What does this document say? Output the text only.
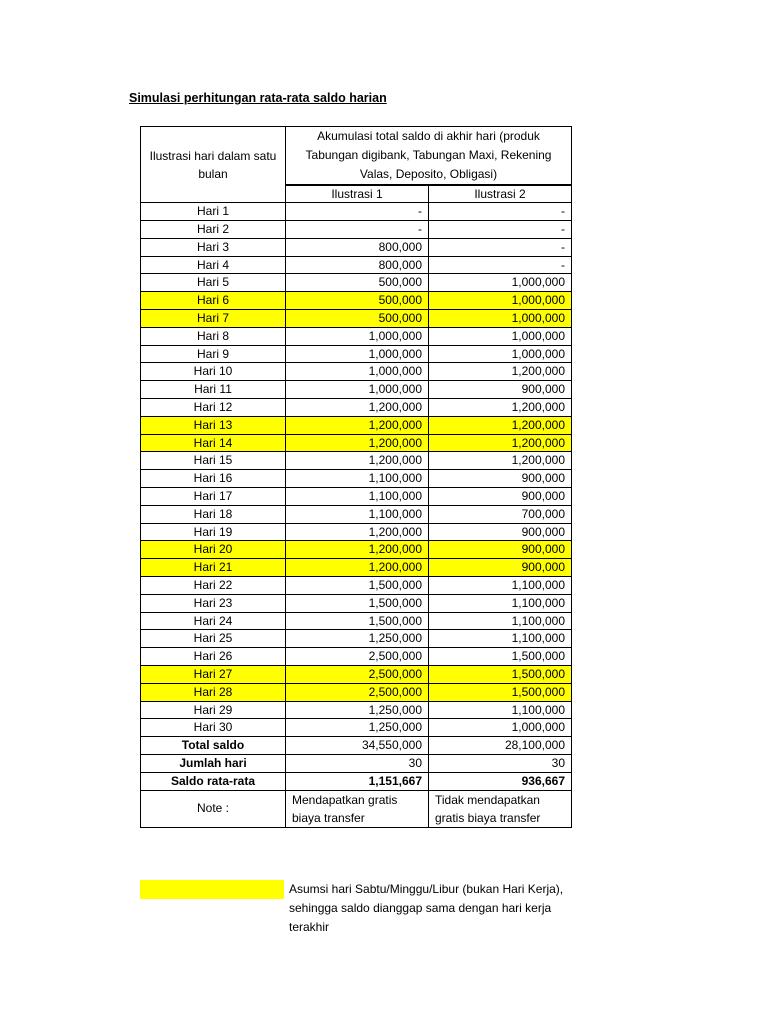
Simulasi perhitungan rata-rata saldo harian
Ilustrasi hari dalam satu bulan	Akumulasi total saldo di akhir hari (produk Tabungan digibank, Tabungan Maxi, Rekening Valas, Deposito, Obligasi)	
	Ilustrasi 1	Ilustrasi 2
Hari 1	-	-
Hari 2	-	-
Hari 3	800,000	-
Hari 4	800,000	-
Hari 5	500,000	1,000,000
Hari 6	500,000	1,000,000
Hari 7	500,000	1,000,000
Hari 8	1,000,000	1,000,000
Hari 9	1,000,000	1,000,000
Hari 10	1,000,000	1,200,000
Hari 11	1,000,000	900,000
Hari 12	1,200,000	1,200,000
Hari 13	1,200,000	1,200,000
Hari 14	1,200,000	1,200,000
Hari 15	1,200,000	1,200,000
Hari 16	1,100,000	900,000
Hari 17	1,100,000	900,000
Hari 18	1,100,000	700,000
Hari 19	1,200,000	900,000
Hari 20	1,200,000	900,000
Hari 21	1,200,000	900,000
Hari 22	1,500,000	1,100,000
Hari 23	1,500,000	1,100,000
Hari 24	1,500,000	1,100,000
Hari 25	1,250,000	1,100,000
Hari 26	2,500,000	1,500,000
Hari 27	2,500,000	1,500,000
Hari 28	2,500,000	1,500,000
Hari 29	1,250,000	1,100,000
Hari 30	1,250,000	1,000,000
Total saldo	34,550,000	28,100,000
Jumlah hari	30	30
Saldo rata-rata	1,151,667	936,667
Note :	Mendapatkan gratis biaya transfer	Tidak mendapatkan gratis biaya transfer
Asumsi hari Sabtu/Minggu/Libur (bukan Hari Kerja), sehingga saldo dianggap sama dengan hari kerja terakhir
